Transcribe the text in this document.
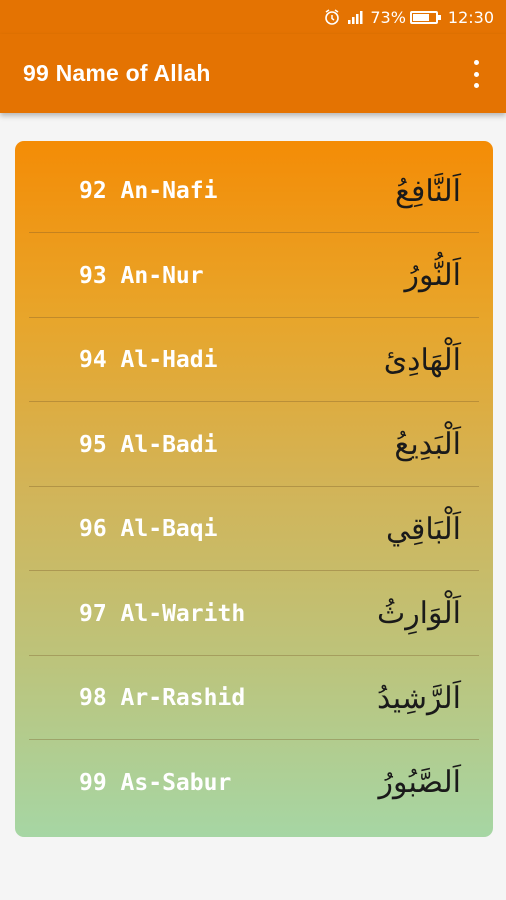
73%	12:30
99 Name of Allah
92 An-Nafi	اَلنَّافِعُ
93 An-Nur	اَلنُّورُ
94 Al-Hadi	اَلْهَادِئ
95 Al-Badi	اَلْبَدِيعُ
96 Al-Baqi	اَلْبَاقِي
97 Al-Warith	اَلْوَارِثُ
98 Ar-Rashid	اَلرَّشِيدُ
99 As-Sabur	اَلصَّبُورُ
